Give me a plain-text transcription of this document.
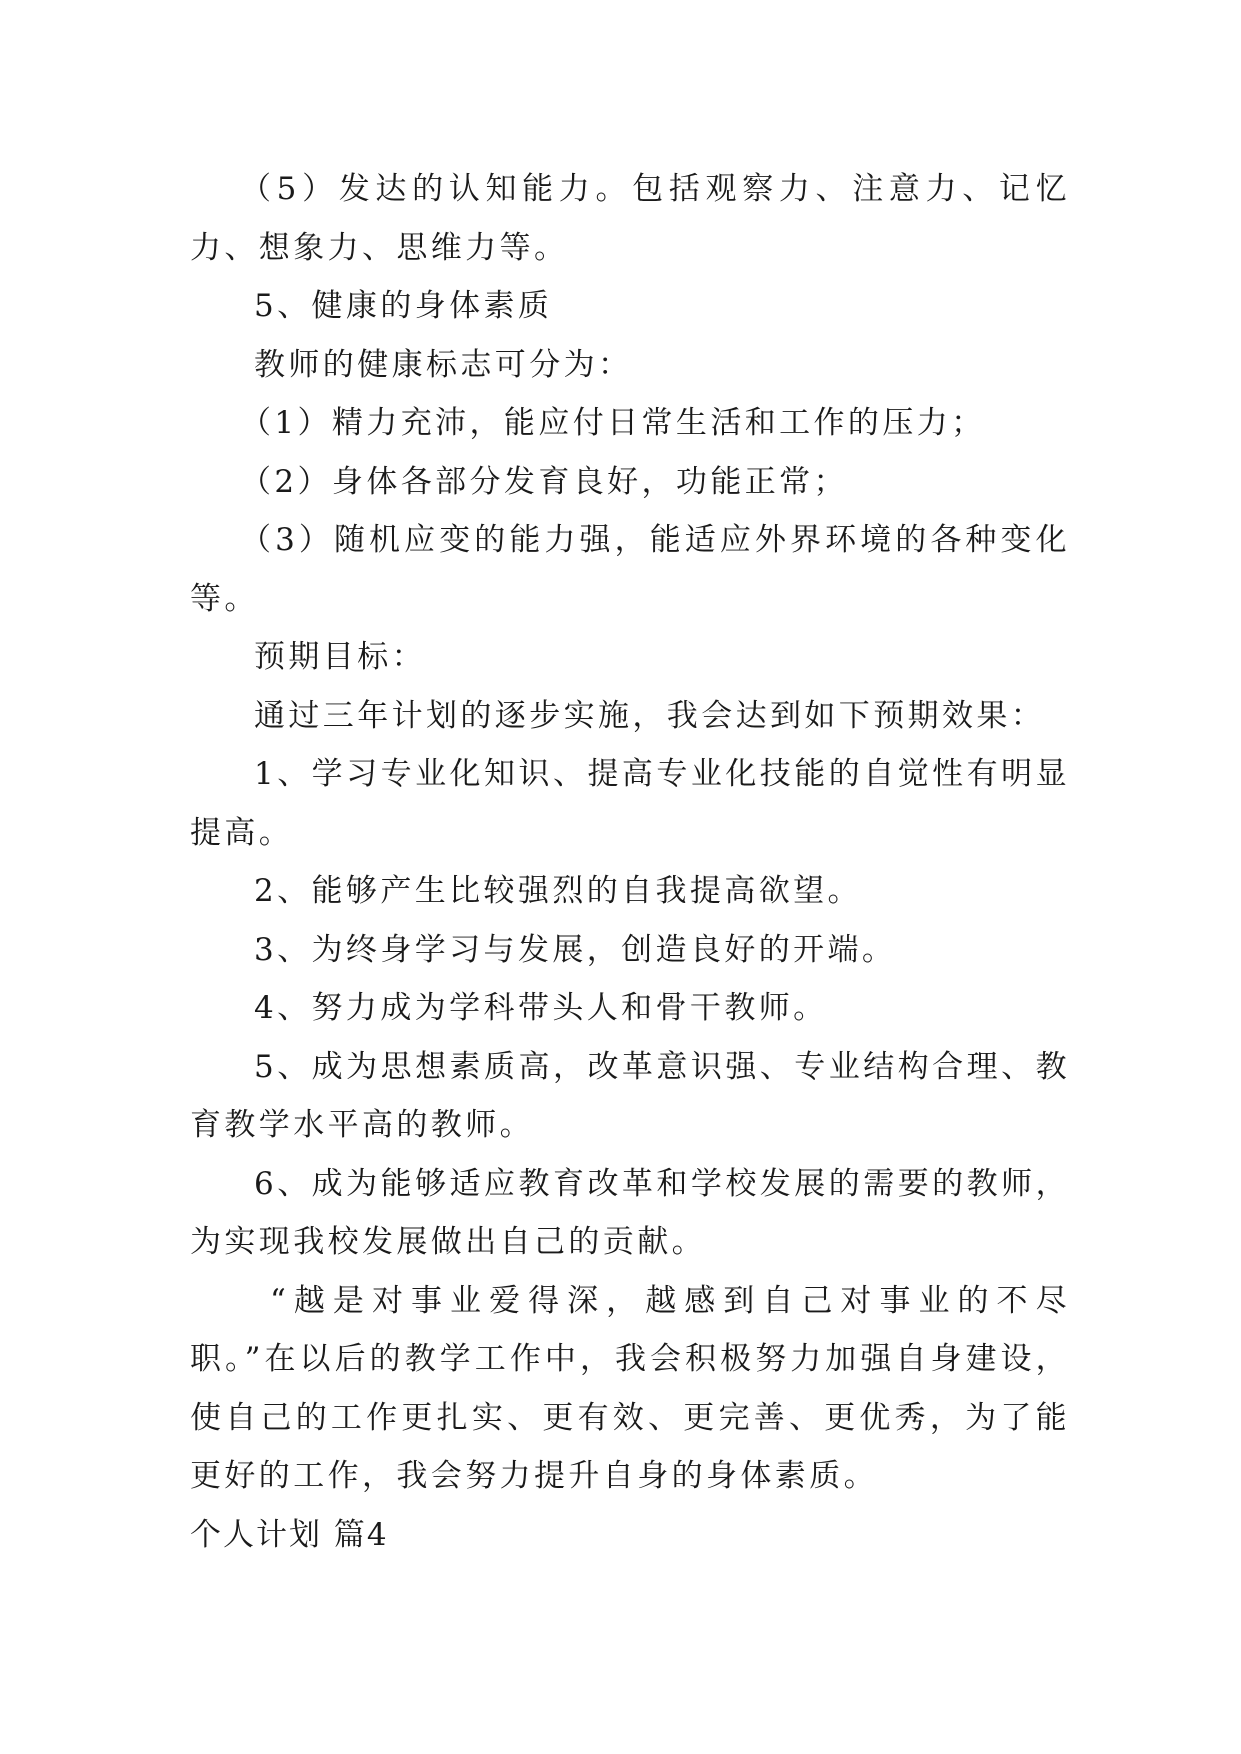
（5）发达的认知能力。包括观察力、注意力、记忆力、想象力、思维力等。

5、健康的身体素质

教师的健康标志可分为：

（1）精力充沛，能应付日常生活和工作的压力；

（2）身体各部分发育良好，功能正常；

（3）随机应变的能力强，能适应外界环境的各种变化等。

预期目标：

通过三年计划的逐步实施，我会达到如下预期效果：

1、学习专业化知识、提高专业化技能的自觉性有明显提高。

2、能够产生比较强烈的自我提高欲望。

3、为终身学习与发展，创造良好的开端。

4、努力成为学科带头人和骨干教师。

5、成为思想素质高，改革意识强、专业结构合理、教育教学水平高的教师。

6、成为能够适应教育改革和学校发展的需要的教师，为实现我校发展做出自己的贡献。

“越是对事业爱得深，越感到自己对事业的不尽职。”在以后的教学工作中，我会积极努力加强自身建设，使自己的工作更扎实、更有效、更完善、更优秀，为了能更好的工作，我会努力提升自身的身体素质。

个人计划 篇4
